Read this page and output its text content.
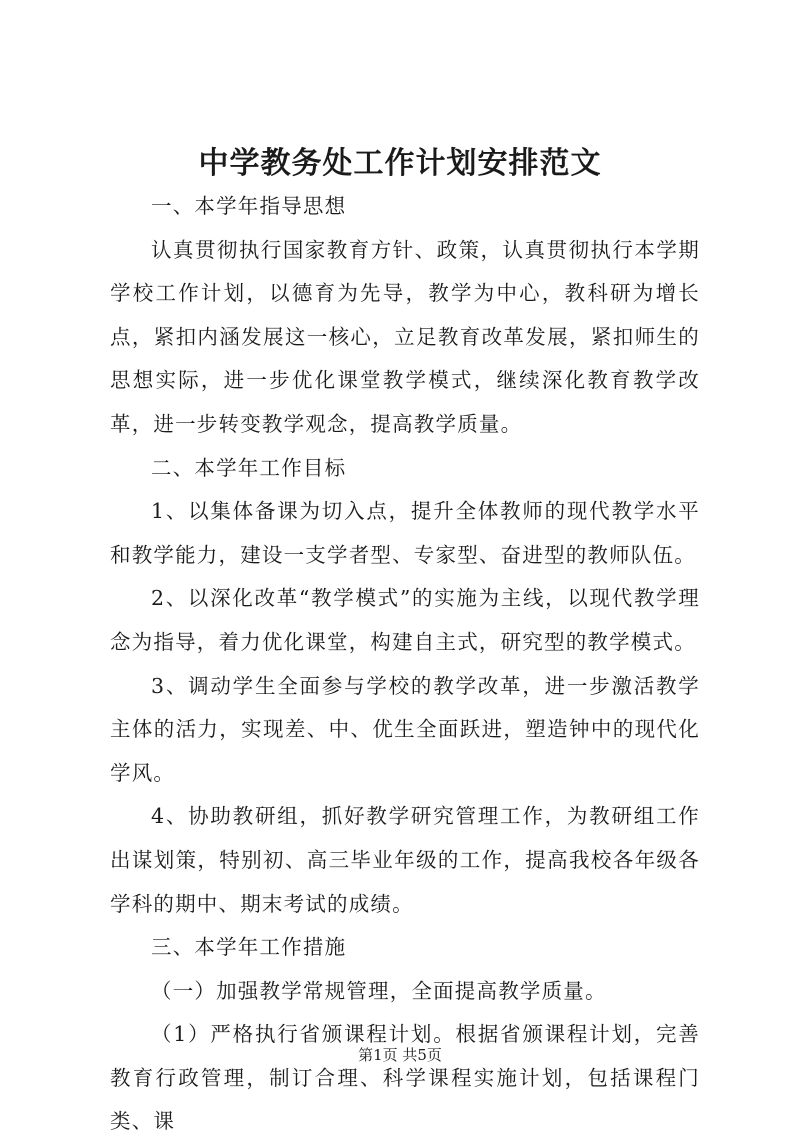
中学教务处工作计划安排范文

一、本学年指导思想

认真贯彻执行国家教育方针、政策，认真贯彻执行本学期学校工作计划，以德育为先导，教学为中心，教科研为增长点，紧扣内涵发展这一核心，立足教育改革发展，紧扣师生的思想实际，进一步优化课堂教学模式，继续深化教育教学改革，进一步转变教学观念，提高教学质量。

二、本学年工作目标

1、以集体备课为切入点，提升全体教师的现代教学水平和教学能力，建设一支学者型、专家型、奋进型的教师队伍。

2、以深化改革“教学模式”的实施为主线，以现代教学理念为指导，着力优化课堂，构建自主式，研究型的教学模式。

3、调动学生全面参与学校的教学改革，进一步激活教学主体的活力，实现差、中、优生全面跃进，塑造钟中的现代化学风。

4、协助教研组，抓好教学研究管理工作，为教研组工作出谋划策，特别初、高三毕业年级的工作，提高我校各年级各学科的期中、期末考试的成绩。

三、本学年工作措施

（一）加强教学常规管理，全面提高教学质量。

（1）严格执行省颁课程计划。根据省颁课程计划，完善教育行政管理，制订合理、科学课程实施计划，包括课程门类、课

第1页 共5页
